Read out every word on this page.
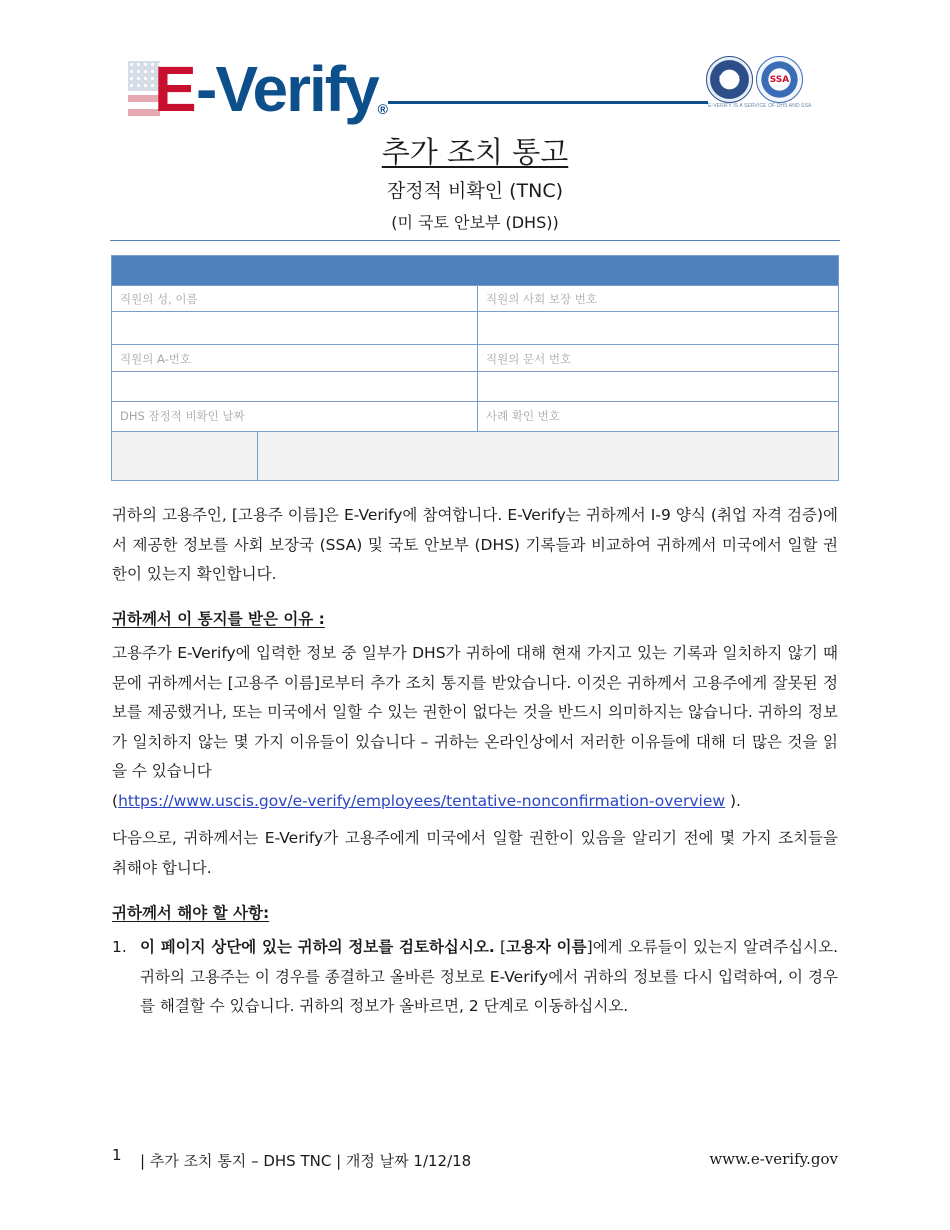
E -Verify®
DHS	SSA
E-VERIFY IS A SERVICE OF DHS AND SSA
추가 조치 통고
잠정적 비확인 (TNC)
(미 국토 안보부 (DHS))
직원의 성, 이름	직원의 사회 보장 번호
직원의 A-번호	직원의 문서 번호
DHS 잠정적 비확인 날짜	사례 확인 번호
귀하의 고용주인, [고용주 이름]은 E-Verify에 참여합니다. E-Verify는 귀하께서 I-9 양식 (취업 자격 검증)에서 제공한 정보를 사회 보장국 (SSA) 및 국토 안보부 (DHS) 기록들과 비교하여 귀하께서 미국에서 일할 권한이 있는지 확인합니다.
귀하께서 이 통지를 받은 이유 :
고용주가 E-Verify에 입력한 정보 중 일부가 DHS가 귀하에 대해 현재 가지고 있는 기록과 일치하지 않기 때문에 귀하께서는 [고용주 이름]로부터 추가 조치 통지를 받았습니다. 이것은 귀하께서 고용주에게 잘못된 정보를 제공했거나, 또는 미국에서 일할 수 있는 권한이 없다는 것을 반드시 의미하지는 않습니다. 귀하의 정보가 일치하지 않는 몇 가지 이유들이 있습니다 – 귀하는 온라인상에서 저러한 이유들에 대해 더 많은 것을 읽을 수 있습니다
(https://www.uscis.gov/e-verify/employees/tentative-nonconfirmation-overview ).
다음으로, 귀하께서는 E-Verify가 고용주에게 미국에서 일할 권한이 있음을 알리기 전에 몇 가지 조치들을 취해야 합니다.
귀하께서 해야 할 사항:
1. 이 페이지 상단에 있는 귀하의 정보를 검토하십시오. [고용자 이름]에게 오류들이 있는지 알려주십시오. 귀하의 고용주는 이 경우를 종결하고 올바른 정보로 E-Verify에서 귀하의 정보를 다시 입력하여, 이 경우를 해결할 수 있습니다. 귀하의 정보가 올바르면, 2 단계로 이동하십시오.
1 | 추가 조치 통지 – DHS TNC | 개정 날짜 1/12/18	www.e-verify.gov
